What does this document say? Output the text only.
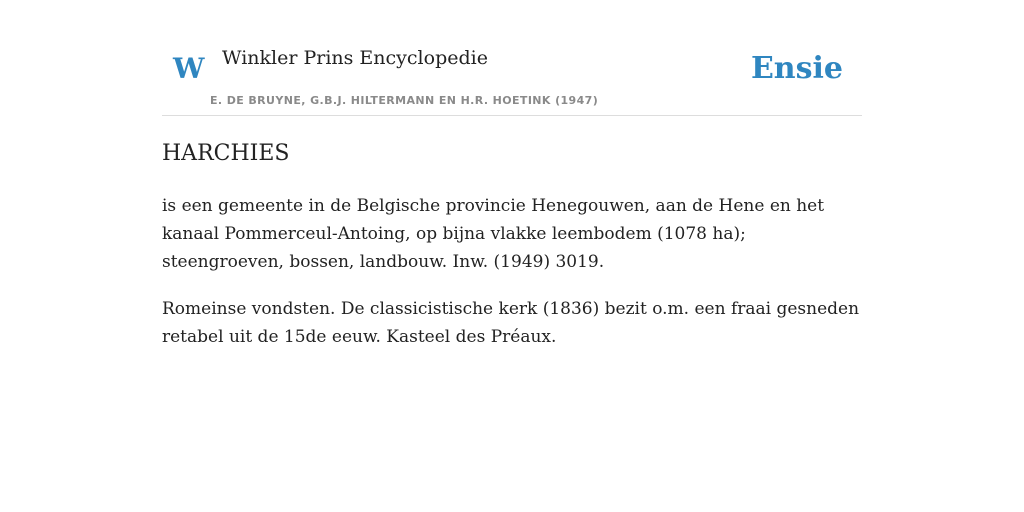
W Winkler Prins Encyclopedie
E. DE BRUYNE, G.B.J. HILTERMANN EN H.R. HOETINK (1947)
Ensie
HARCHIES

is een gemeente in de Belgische provincie Henegouwen, aan de Hene en het kanaal Pommerceul-Antoing, op bijna vlakke leembodem (1078 ha); steengroeven, bossen, landbouw. Inw. (1949) 3019.

Romeinse vondsten. De classicistische kerk (1836) bezit o.m. een fraai gesneden retabel uit de 15de eeuw. Kasteel des Préaux.
